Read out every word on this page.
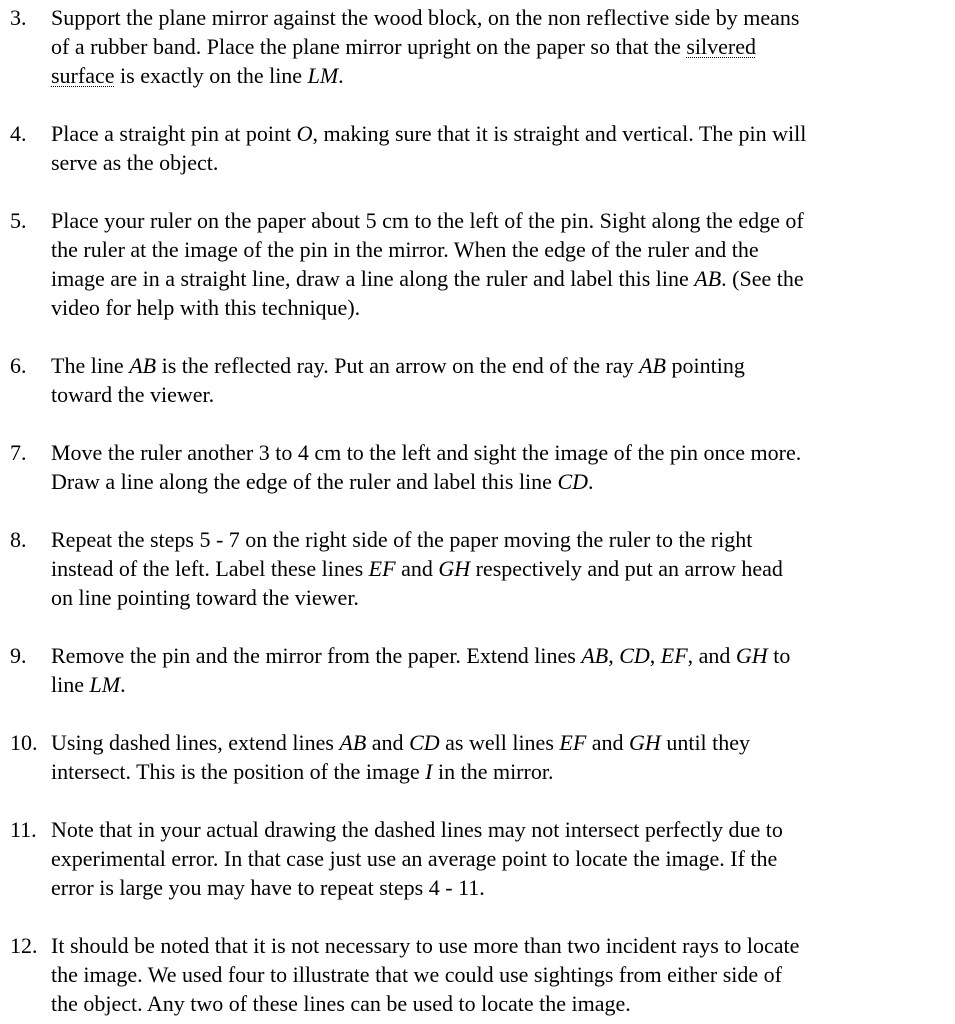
3.	Support the plane mirror against the wood block, on the non reflective side by means
of a rubber band. Place the plane mirror upright on the paper so that the silvered
surface is exactly on the line LM.
4.	Place a straight pin at point O, making sure that it is straight and vertical. The pin will
serve as the object.
5.	Place your ruler on the paper about 5 cm to the left of the pin. Sight along the edge of
the ruler at the image of the pin in the mirror. When the edge of the ruler and the
image are in a straight line, draw a line along the ruler and label this line AB. (See the
video for help with this technique).
6.	The line AB is the reflected ray. Put an arrow on the end of the ray AB pointing
toward the viewer.
7.	Move the ruler another 3 to 4 cm to the left and sight the image of the pin once more.
Draw a line along the edge of the ruler and label this line CD.
8.	Repeat the steps 5 - 7 on the right side of the paper moving the ruler to the right
instead of the left. Label these lines EF and GH respectively and put an arrow head
on line pointing toward the viewer.
9.	Remove the pin and the mirror from the paper. Extend lines AB, CD, EF, and GH to
line LM.
10. Using dashed lines, extend lines AB and CD as well lines EF and GH until they
intersect. This is the position of the image I in the mirror.
11. Note that in your actual drawing the dashed lines may not intersect perfectly due to
experimental error. In that case just use an average point to locate the image. If the
error is large you may have to repeat steps 4 - 11.
12. It should be noted that it is not necessary to use more than two incident rays to locate
the image. We used four to illustrate that we could use sightings from either side of
the object. Any two of these lines can be used to locate the image.
